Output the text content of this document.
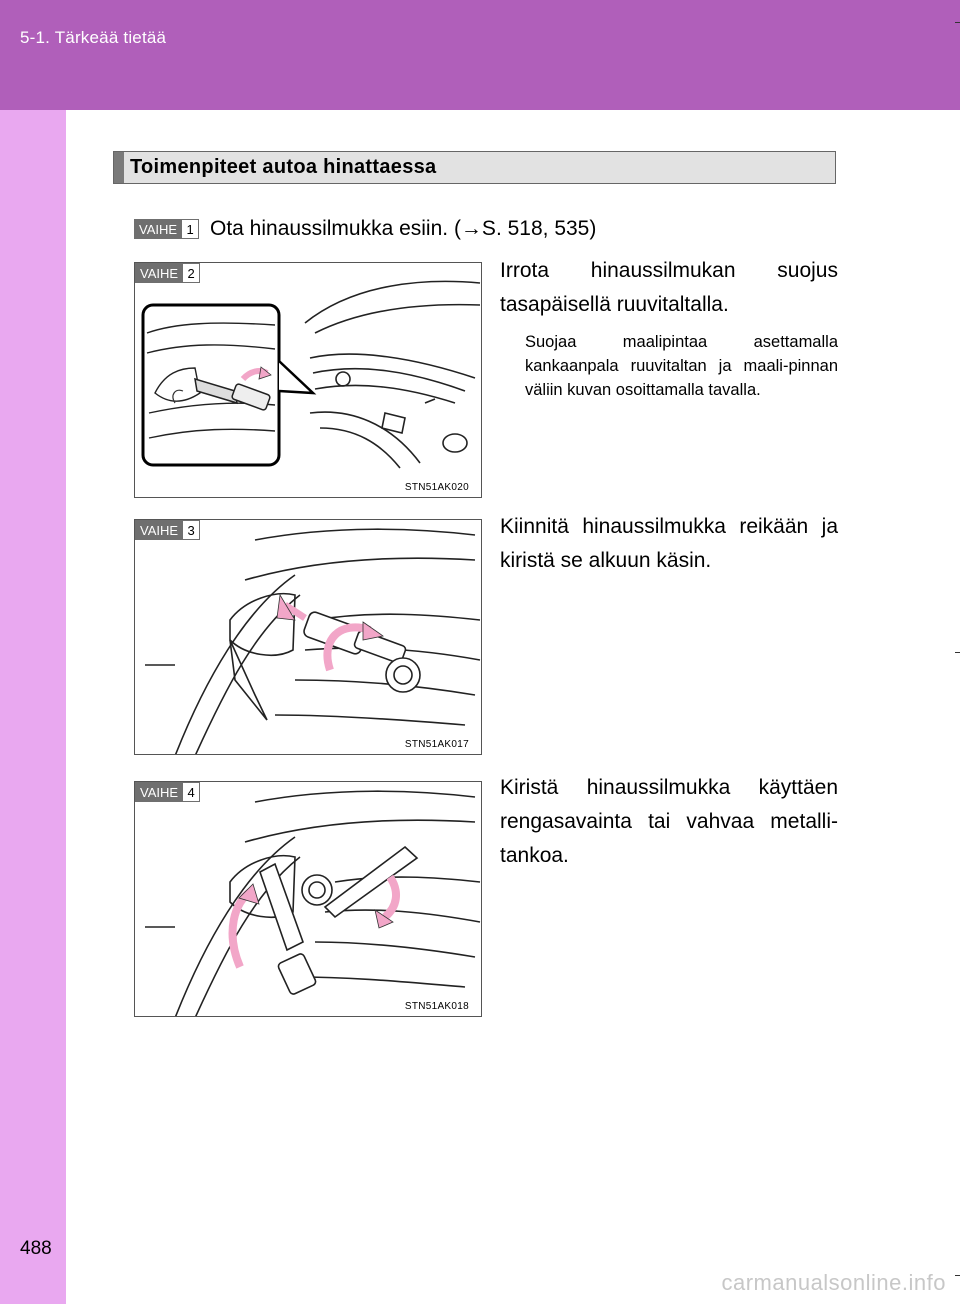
5-1. Tärkeää tietää
488
Toimenpiteet autoa hinattaessa
VAIHE 1 Ota hinaussilmukka esiin. (→S. 518, 535)
VAIHE 2
STN51AK020
Irrota hinaussilmukan suojus tasapäisellä ruuvitaltalla.
Suojaa maalipintaa asettamalla kankaanpala ruuvitaltan ja maali-pinnan väliin kuvan osoittamalla tavalla.
VAIHE 3
STN51AK017
Kiinnitä hinaussilmukka reikään ja kiristä se alkuun käsin.
VAIHE 4
STN51AK018
Kiristä hinaussilmukka käyttäen rengasavainta tai vahvaa metalli-tankoa.
carmanualsonline.info
